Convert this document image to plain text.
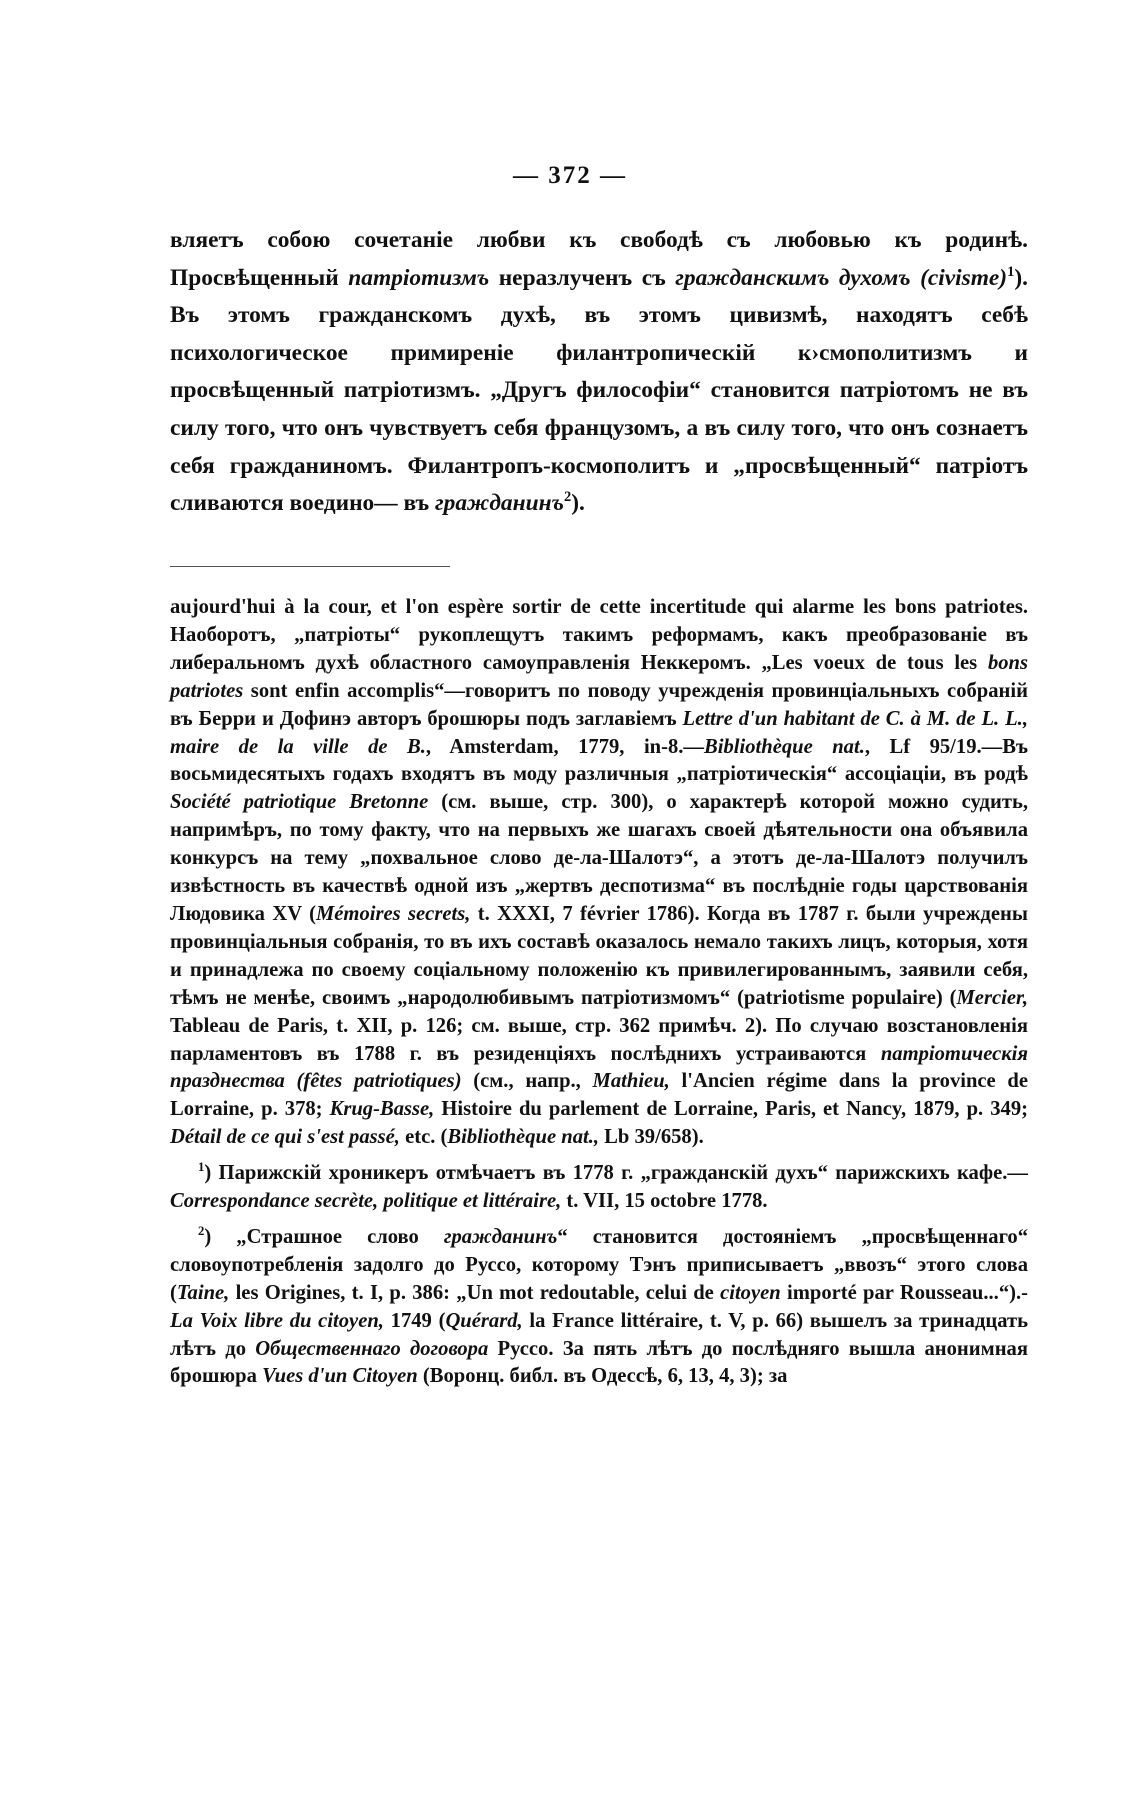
— 372 —

вляетъ собою сочетаніе любви къ свободѣ съ любовью къ родинѣ. Просвѣщенный патріотизмъ неразлученъ съ гражданскимъ духомъ (civisme)$^1$). Въ этомъ гражданскомъ духѣ, въ этомъ цивизмѣ, находятъ себѣ психологическое примиреніе филантропическій к›смополитизмъ и просвѣщенный патріотизмъ. „Другъ философіи“ становится патріотомъ не въ силу того, что онъ чувствуетъ себя французомъ, а въ силу того, что онъ сознаетъ себя гражданиномъ. Филантропъ-космополитъ и „просвѣщенный“ патріотъ сливаются воедино— въ гражданинъ$^2$).

aujourd'hui à la cour, et l'on espère sortir de cette incertitude qui alarme les bons patriotes. Наоборотъ, „патріоты“ рукоплещутъ такимъ реформамъ, какъ преобразованіе въ либеральномъ духѣ областного самоуправленія Неккеромъ. „Les voeux de tous les bons patriotes sont enfin accomplis“—говоритъ по поводу учрежденія провинціальныхъ собраній въ Берри и Дофинэ авторъ брошюры подъ заглавіемъ Lettre d'un habitant de C. à M. de L. L., maire de la ville de B., Amsterdam, 1779, in-8.—Bibliothèque nat., Lf 95/19.—Въ восьмидесятыхъ годахъ входятъ въ моду различныя „патріотическія“ ассоціаціи, въ родѣ Société patriotique Bretonne (см. выше, стр. 300), о характерѣ которой можно судить, напримѣръ, по тому факту, что на первыхъ же шагахъ своей дѣятельности она объявила конкурсъ на тему „похвальное слово де-ла-Шалотэ“, а этотъ де-ла-Шалотэ получилъ извѣстность въ качествѣ одной изъ „жертвъ деспотизма“ въ послѣдніе годы царствованія Людовика XV (Mémoires secrets, t. XXXI, 7 février 1786). Когда въ 1787 г. были учреждены провинціальныя собранія, то въ ихъ составѣ оказалось немало такихъ лицъ, которыя, хотя и принадлежа по своему соціальному положенію къ привилегированнымъ, заявили себя, тѣмъ не менѣе, своимъ „народолюбивымъ патріотизмомъ“ (patriotisme populaire) (Mercier, Tableau de Paris, t. XII, p. 126; см. выше, стр. 362 примѣч. 2). По случаю возстановленія парламентовъ въ 1788 г. въ резиденціяхъ послѣднихъ устраиваются патріотическія празднества (fêtes patriotiques) (см., напр., Mathieu, l'Ancien régime dans la province de Lorraine, p. 378; Krug-Basse, Histoire du parlement de Lorraine, Paris, et Nancy, 1879, p. 349; Détail de ce qui s'est passé, etc. (Bibliothèque nat., Lb 39/658).

$^1$) Парижскій хроникеръ отмѣчаетъ въ 1778 г. „гражданскій духъ“ парижскихъ кафе.—Correspondance secrète, politique et littéraire, t. VII, 15 octobre 1778.

$^2$) „Страшное слово гражданинъ“ становится достояніемъ „просвѣщеннаго“ словоупотребленія задолго до Руссо, которому Тэнъ приписываетъ „ввозъ“ этого слова (Taine, les Origines, t. I, p. 386: „Un mot redoutable, celui de citoyen importé par Rousseau...“).- La Voix libre du citoyen, 1749 (Quérard, la France littéraire, t. V, p. 66) вышелъ за тринадцать лѣтъ до Общественнаго договора Руссо. За пять лѣтъ до послѣдняго вышла анонимная брошюра Vues d'un Citoyen (Воронц. библ. въ Одессѣ, 6, 13, 4, 3); за
